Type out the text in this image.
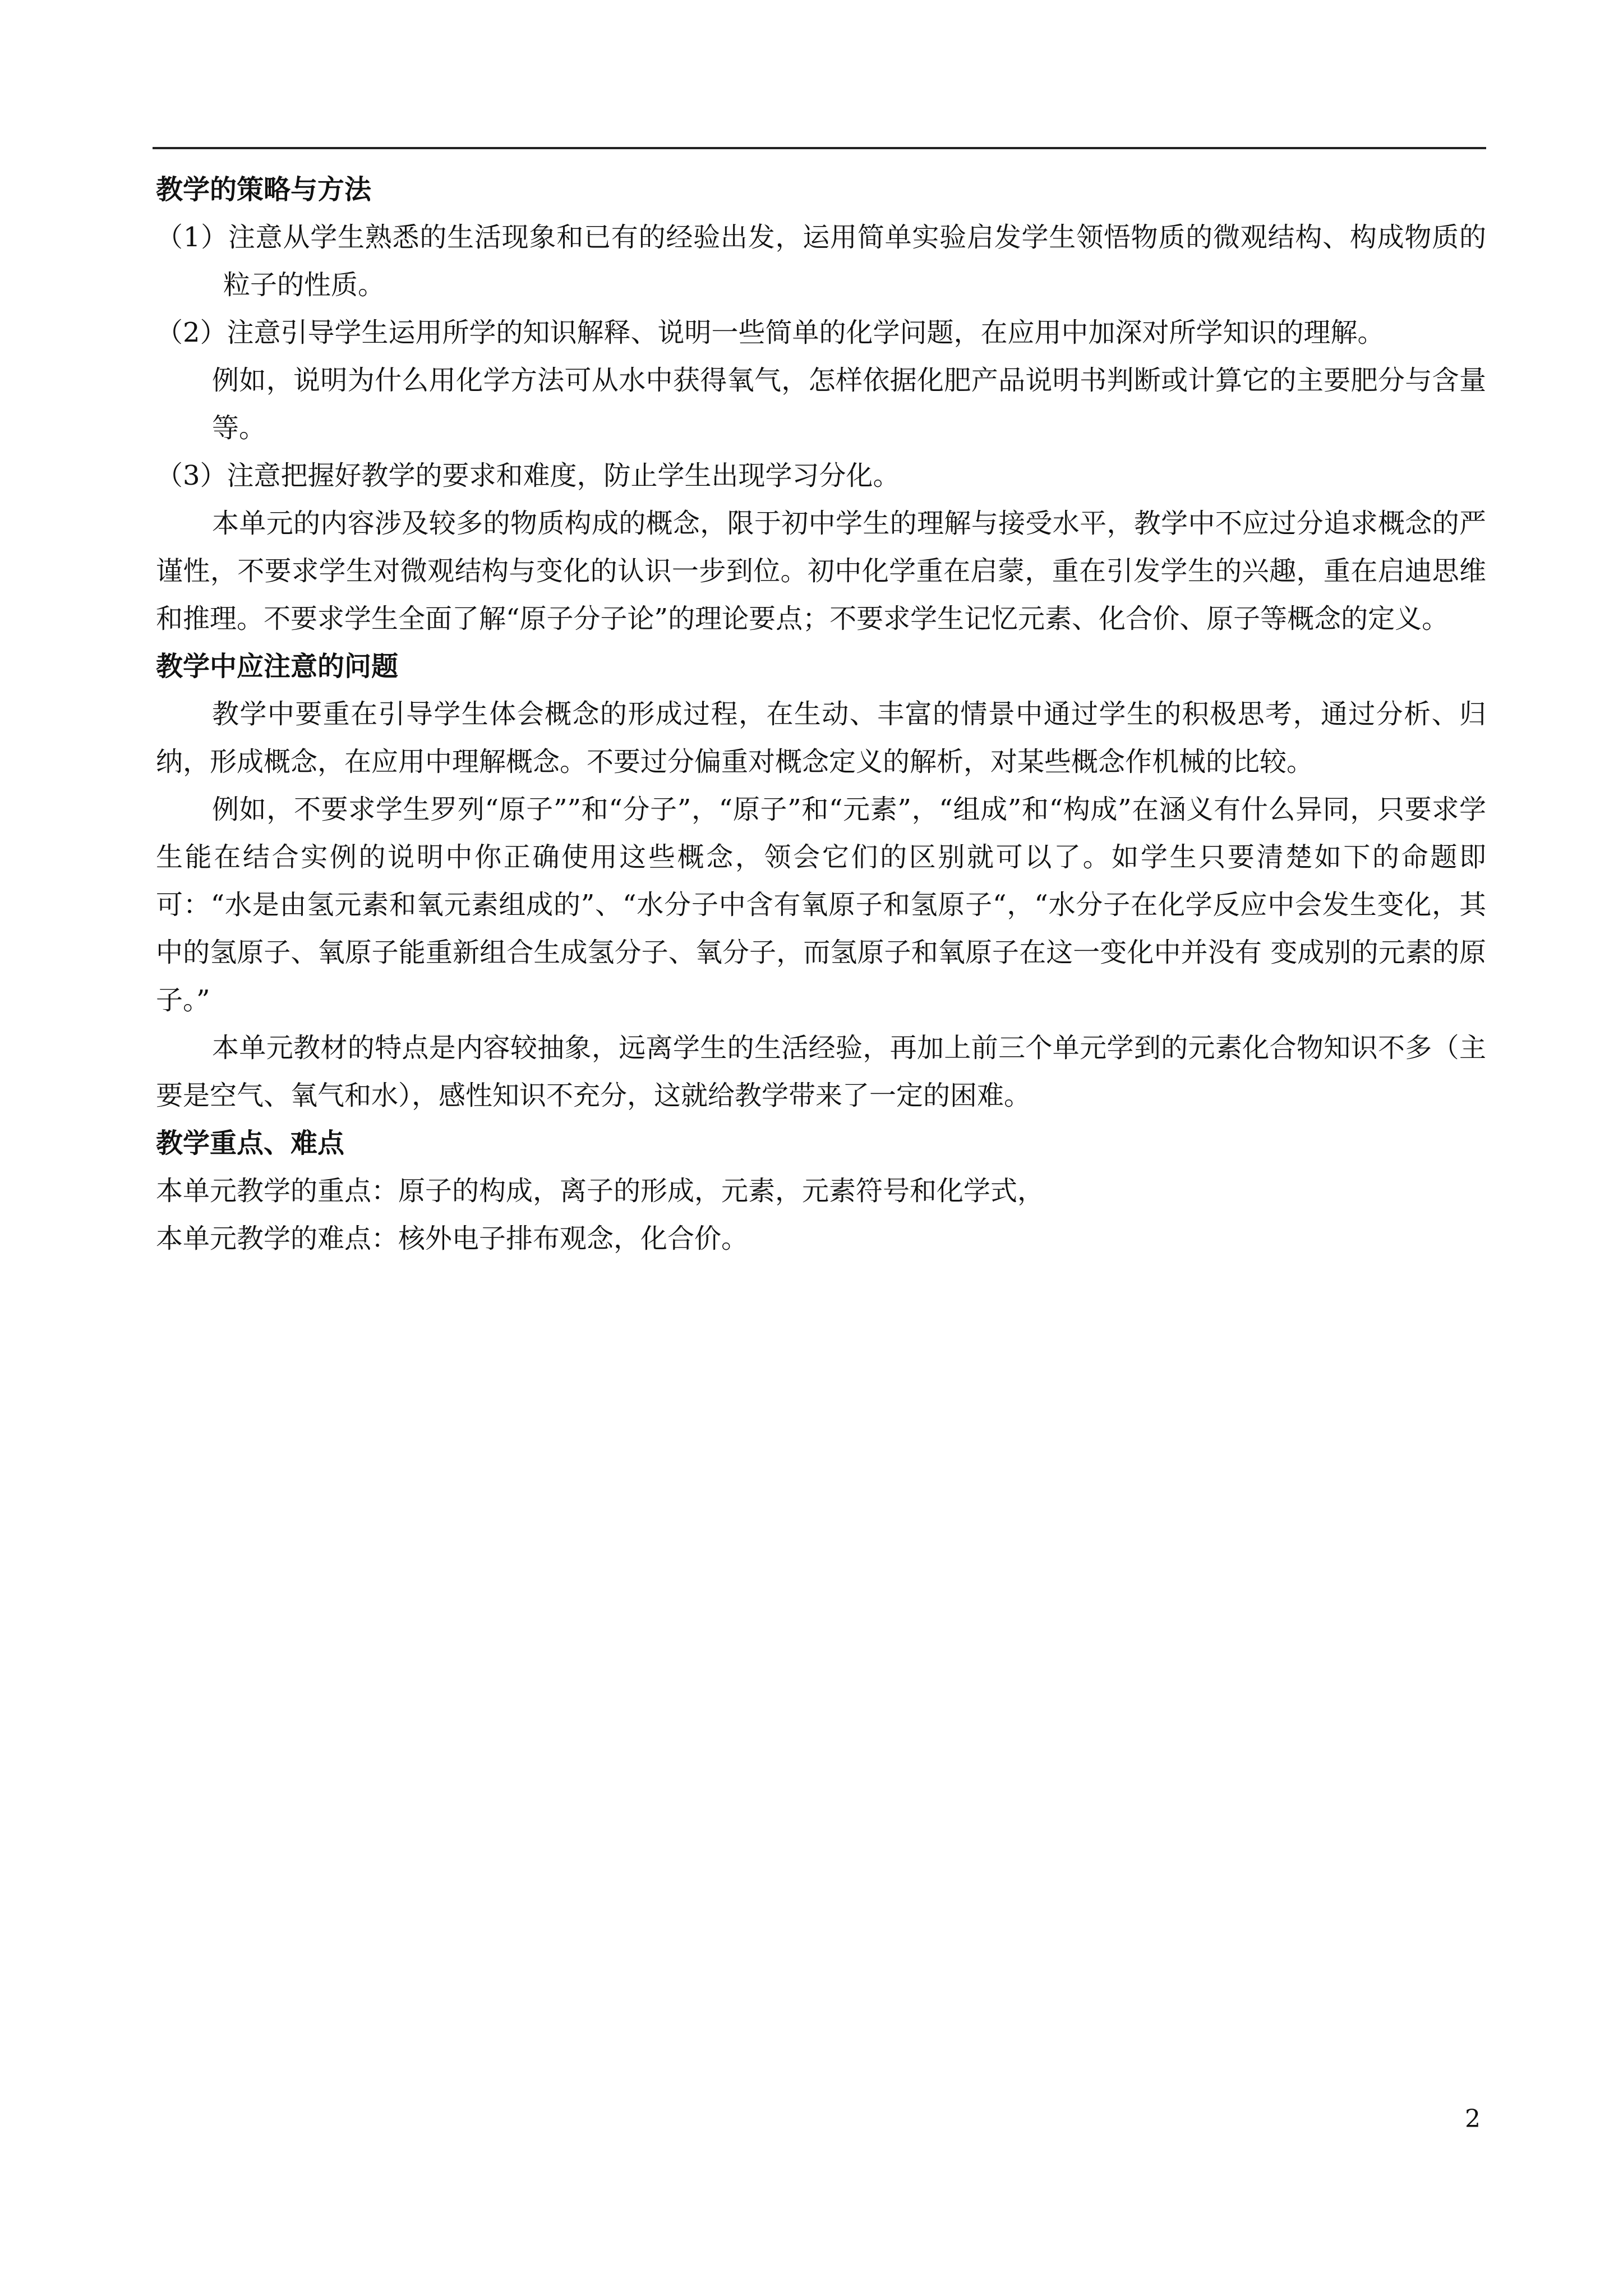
教学的策略与方法

（1）注意从学生熟悉的生活现象和已有的经验出发，运用简单实验启发学生领悟物质的微观结构、构成物质的粒子的性质。

（2）注意引导学生运用所学的知识解释、说明一些简单的化学问题，在应用中加深对所学知识的理解。
例如，说明为什么用化学方法可从水中获得氧气，怎样依据化肥产品说明书判断或计算它的主要肥分与含量等。

（3）注意把握好教学的要求和难度，防止学生出现学习分化。

本单元的内容涉及较多的物质构成的概念，限于初中学生的理解与接受水平，教学中不应过分追求概念的严谨性，不要求学生对微观结构与变化的认识一步到位。初中化学重在启蒙，重在引发学生的兴趣，重在启迪思维和推理。不要求学生全面了解“原子分子论”的理论要点；不要求学生记忆元素、化合价、原子等概念的定义。

教学中应注意的问题

教学中要重在引导学生体会概念的形成过程，在生动、丰富的情景中通过学生的积极思考，通过分析、归纳，形成概念，在应用中理解概念。不要过分偏重对概念定义的解析，对某些概念作机械的比较。

例如，不要求学生罗列“原子””和“分子”，“原子”和“元素”，“组成”和“构成”在涵义有什么异同，只要求学生能在结合实例的说明中你正确使用这些概念，领会它们的区别就可以了。如学生只要清楚如下的命题即可：“水是由氢元素和氧元素组成的”、“水分子中含有氧原子和氢原子“，“水分子在化学反应中会发生变化，其中的氢原子、氧原子能重新组合生成氢分子、氧分子，而氢原子和氧原子在这一变化中并没有 变成别的元素的原子。”

本单元教材的特点是内容较抽象，远离学生的生活经验，再加上前三个单元学到的元素化合物知识不多（主要是空气、氧气和水），感性知识不充分，这就给教学带来了一定的困难。

教学重点、难点

本单元教学的重点：原子的构成，离子的形成，元素，元素符号和化学式，

本单元教学的难点：核外电子排布观念，化合价。

2
